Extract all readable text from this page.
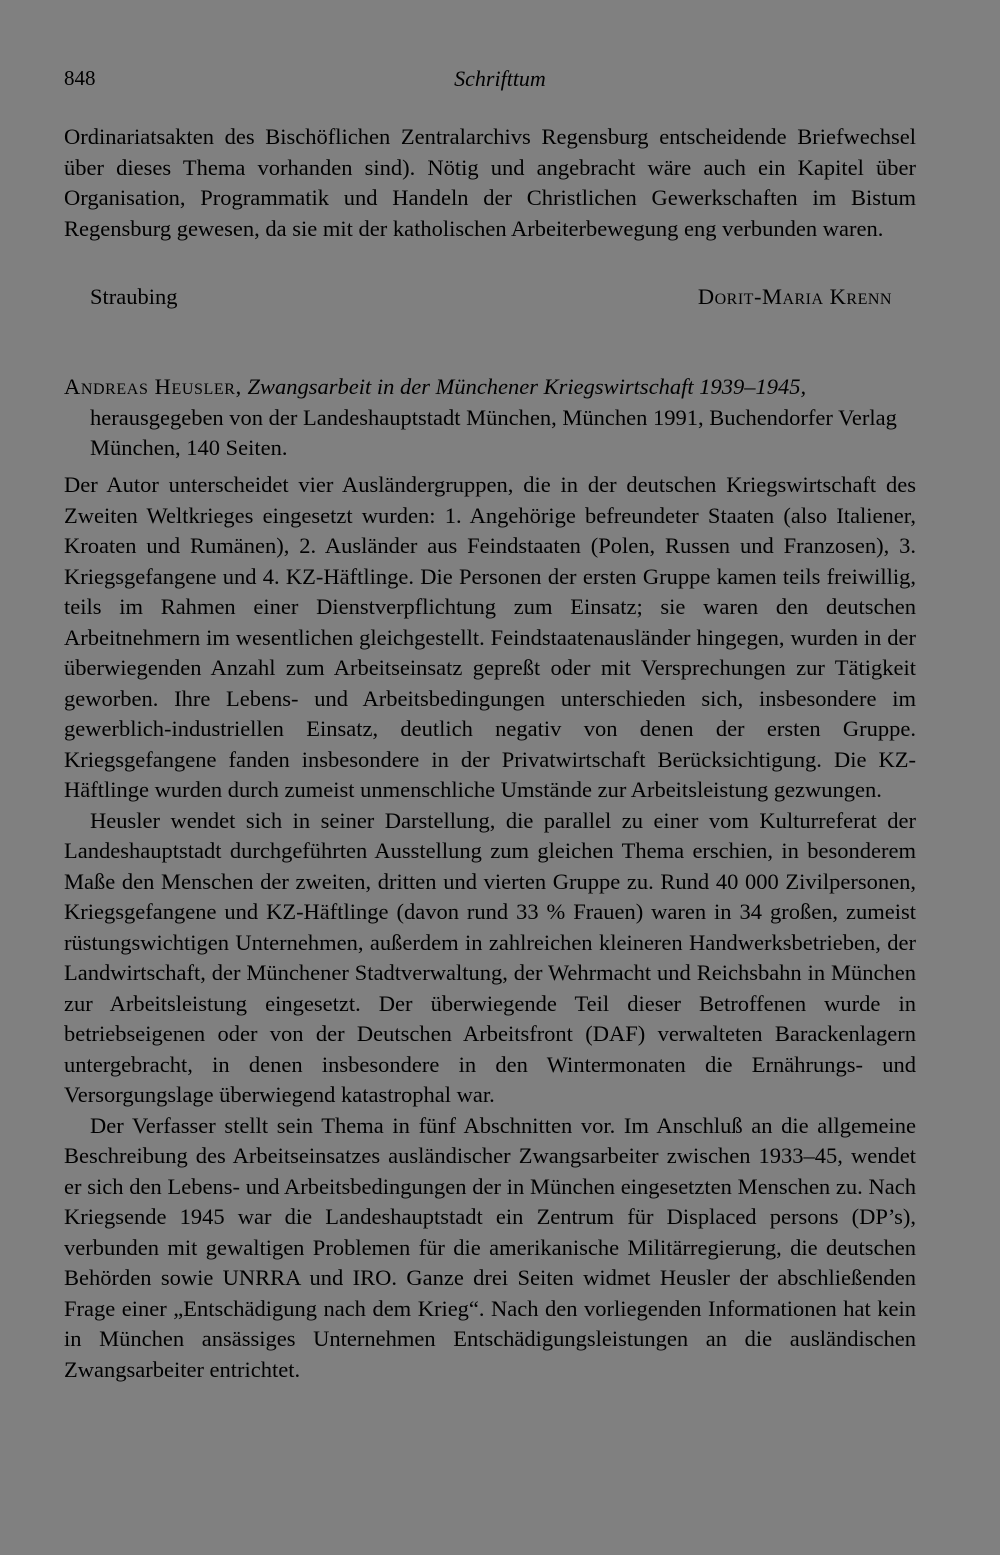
848	Schrifttum

Ordinariatsakten des Bischöflichen Zentralarchivs Regensburg entscheidende Briefwechsel über dieses Thema vorhanden sind). Nötig und angebracht wäre auch ein Kapitel über Organisation, Programmatik und Handeln der Christlichen Gewerkschaften im Bistum Regensburg gewesen, da sie mit der katholischen Arbeiterbewegung eng verbunden waren.

Straubing	Dorit-Maria Krenn

Andreas Heusler, Zwangsarbeit in der Münchener Kriegswirtschaft 1939–1945,

herausgegeben von der Landeshauptstadt München, München 1991, Buchendorfer Verlag München, 140 Seiten.

Der Autor unterscheidet vier Ausländergruppen, die in der deutschen Kriegswirtschaft des Zweiten Weltkrieges eingesetzt wurden: 1. Angehörige befreundeter Staaten (also Italiener, Kroaten und Rumänen), 2. Ausländer aus Feindstaaten (Polen, Russen und Franzosen), 3. Kriegsgefangene und 4. KZ-Häftlinge. Die Personen der ersten Gruppe kamen teils freiwillig, teils im Rahmen einer Dienstverpflichtung zum Einsatz; sie waren den deutschen Arbeitnehmern im wesentlichen gleichgestellt. Feindstaatenausländer hingegen, wurden in der überwiegenden Anzahl zum Arbeitseinsatz gepreßt oder mit Versprechungen zur Tätigkeit geworben. Ihre Lebens- und Arbeitsbedingungen unterschieden sich, insbesondere im gewerblich-industriellen Einsatz, deutlich negativ von denen der ersten Gruppe. Kriegsgefangene fanden insbesondere in der Privatwirtschaft Berücksichtigung. Die KZ-Häftlinge wurden durch zumeist unmenschliche Umstände zur Arbeitsleistung gezwungen.

Heusler wendet sich in seiner Darstellung, die parallel zu einer vom Kulturreferat der Landeshauptstadt durchgeführten Ausstellung zum gleichen Thema erschien, in besonderem Maße den Menschen der zweiten, dritten und vierten Gruppe zu. Rund 40 000 Zivilpersonen, Kriegsgefangene und KZ-Häftlinge (davon rund 33 % Frauen) waren in 34 großen, zumeist rüstungswichtigen Unternehmen, außerdem in zahlreichen kleineren Handwerksbetrieben, der Landwirtschaft, der Münchener Stadtverwaltung, der Wehrmacht und Reichsbahn in München zur Arbeitsleistung eingesetzt. Der überwiegende Teil dieser Betroffenen wurde in betriebseigenen oder von der Deutschen Arbeitsfront (DAF) verwalteten Barackenlagern untergebracht, in denen insbesondere in den Wintermonaten die Ernährungs- und Versorgungslage überwiegend katastrophal war.

Der Verfasser stellt sein Thema in fünf Abschnitten vor. Im Anschluß an die allgemeine Beschreibung des Arbeitseinsatzes ausländischer Zwangsarbeiter zwischen 1933–45, wendet er sich den Lebens- und Arbeitsbedingungen der in München eingesetzten Menschen zu. Nach Kriegsende 1945 war die Landeshauptstadt ein Zentrum für Displaced persons (DP’s), verbunden mit gewaltigen Problemen für die amerikanische Militärregierung, die deutschen Behörden sowie UNRRA und IRO. Ganze drei Seiten widmet Heusler der abschließenden Frage einer „Entschädigung nach dem Krieg“. Nach den vorliegenden Informationen hat kein in München ansässiges Unternehmen Entschädigungsleistungen an die ausländischen Zwangsarbeiter entrichtet.
